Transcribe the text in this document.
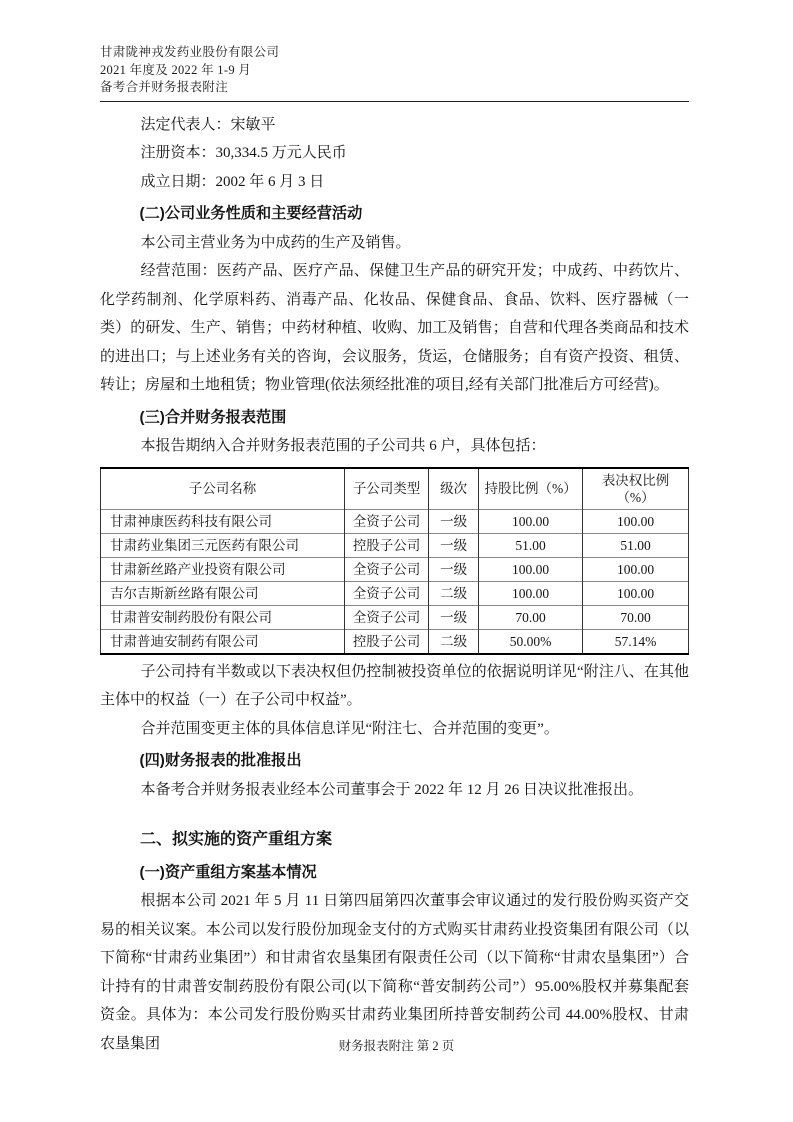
甘肃陇神戎发药业股份有限公司
2021 年度及 2022 年 1-9 月
备考合并财务报表附注

法定代表人：宋敏平

注册资本：30,334.5 万元人民币

成立日期：2002 年 6 月 3 日

(二)公司业务性质和主要经营活动

本公司主营业务为中成药的生产及销售。

经营范围：医药产品、医疗产品、保健卫生产品的研究开发；中成药、中药饮片、化学药制剂、化学原料药、消毒产品、化妆品、保健食品、食品、饮料、医疗器械（一类）的研发、生产、销售；中药材种植、收购、加工及销售；自营和代理各类商品和技术的进出口；与上述业务有关的咨询，会议服务，货运，仓储服务；自有资产投资、租赁、转让；房屋和土地租赁；物业管理(依法须经批准的项目,经有关部门批准后方可经营)。

(三)合并财务报表范围

本报告期纳入合并财务报表范围的子公司共 6 户，具体包括：

子公司名称	子公司类型	级次	持股比例（%）	表决权比例（%）
甘肃神康医药科技有限公司	全资子公司	一级	100.00	100.00
甘肃药业集团三元医药有限公司	控股子公司	一级	51.00	51.00
甘肃新丝路产业投资有限公司	全资子公司	一级	100.00	100.00
吉尔吉斯新丝路有限公司	全资子公司	二级	100.00	100.00
甘肃普安制药股份有限公司	全资子公司	一级	70.00	70.00
甘肃普迪安制药有限公司	控股子公司	二级	50.00%	57.14%

子公司持有半数或以下表决权但仍控制被投资单位的依据说明详见“附注八、在其他主体中的权益（一）在子公司中权益”。

合并范围变更主体的具体信息详见“附注七、合并范围的变更”。

(四)财务报表的批准报出

本备考合并财务报表业经本公司董事会于 2022 年 12 月 26 日决议批准报出。

二、拟实施的资产重组方案
(一)资产重组方案基本情况

根据本公司 2021 年 5 月 11 日第四届第四次董事会审议通过的发行股份购买资产交易的相关议案。本公司以发行股份加现金支付的方式购买甘肃药业投资集团有限公司（以下简称“甘肃药业集团”）和甘肃省农垦集团有限责任公司（以下简称“甘肃农垦集团”）合计持有的甘肃普安制药股份有限公司(以下简称“普安制药公司”）95.00%股权并募集配套资金。具体为：本公司发行股份购买甘肃药业集团所持普安制药公司 44.00%股权、甘肃农垦集团	财务报表附注 第 2 页
